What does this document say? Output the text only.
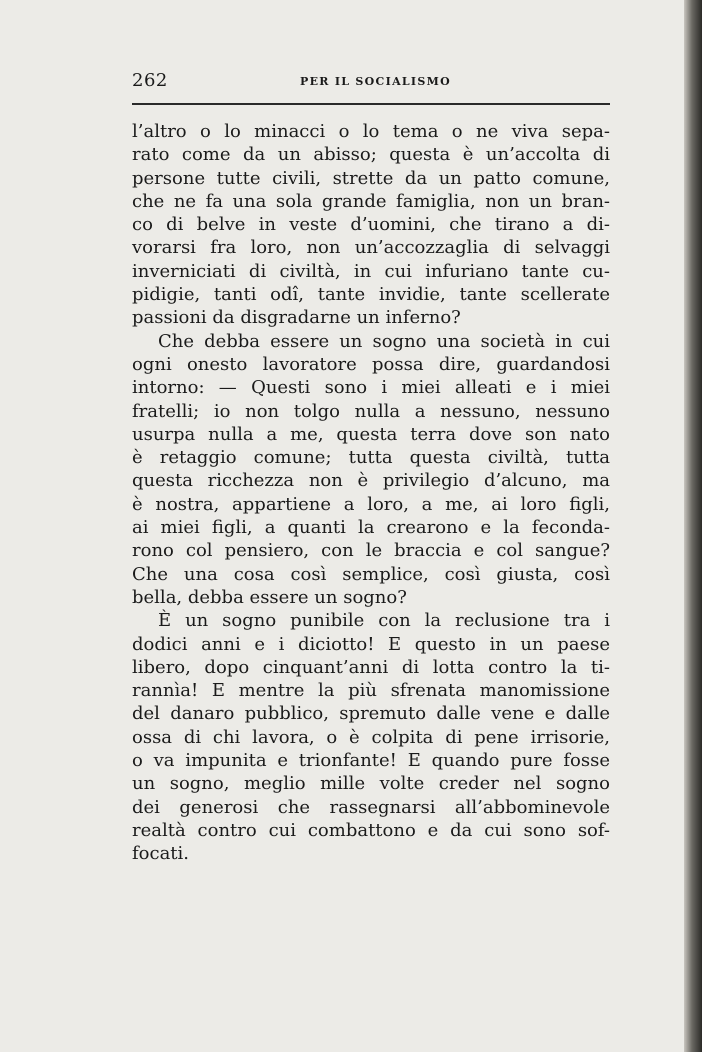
262	PER IL SOCIALISMO
l’altro o lo minacci o lo tema o ne viva sepa-
rato come da un abisso; questa è un’accolta di
persone tutte civili, strette da un patto comune,
che ne fa una sola grande famiglia, non un bran-
co di belve in veste d’uomini, che tirano a di-
vorarsi fra loro, non un’accozzaglia di selvaggi
inverniciati di civiltà, in cui infuriano tante cu-
pidigie, tanti odî, tante invidie, tante scellerate
passioni da disgradarne un inferno?
Che debba essere un sogno una società in cui
ogni onesto lavoratore possa dire, guardandosi
intorno: — Questi sono i miei alleati e i miei
fratelli; io non tolgo nulla a nessuno, nessuno
usurpa nulla a me, questa terra dove son nato
è retaggio comune; tutta questa civiltà, tutta
questa ricchezza non è privilegio d’alcuno, ma
è nostra, appartiene a loro, a me, ai loro figli,
ai miei figli, a quanti la crearono e la feconda-
rono col pensiero, con le braccia e col sangue?
Che una cosa così semplice, così giusta, così
bella, debba essere un sogno?
È un sogno punibile con la reclusione tra i
dodici anni e i diciotto! E questo in un paese
libero, dopo cinquant’anni di lotta contro la ti-
rannìa! E mentre la più sfrenata manomissione
del danaro pubblico, spremuto dalle vene e dalle
ossa di chi lavora, o è colpita di pene irrisorie,
o va impunita e trionfante! E quando pure fosse
un sogno, meglio mille volte creder nel sogno
dei generosi che rassegnarsi all’abbominevole
realtà contro cui combattono e da cui sono sof-
focati.
